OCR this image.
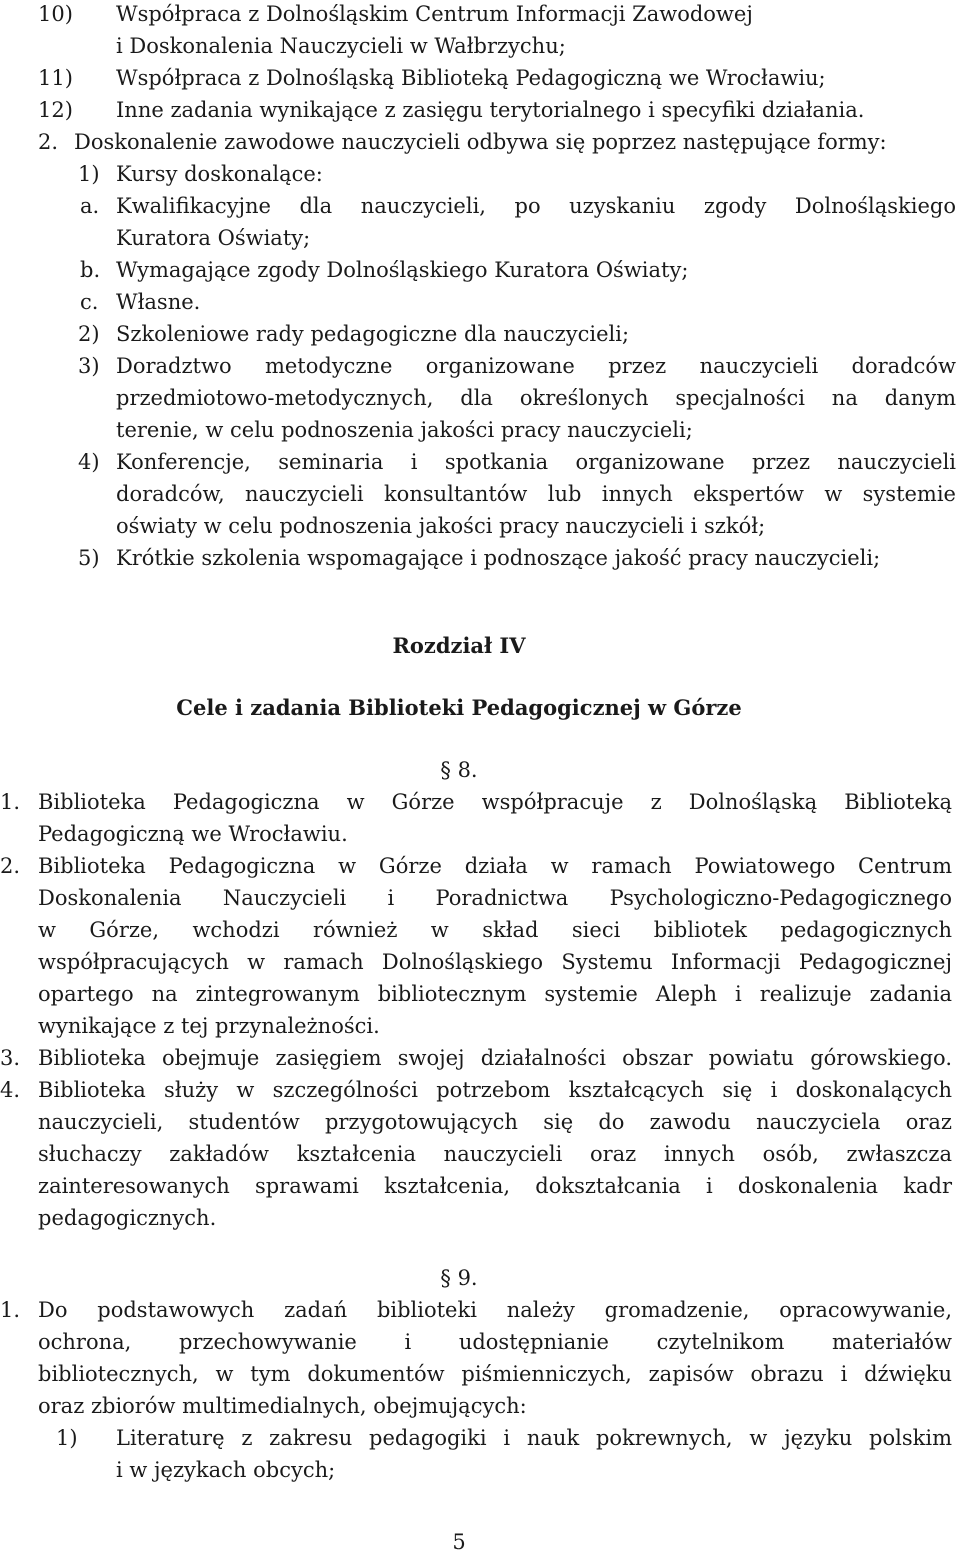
10) Współpraca z Dolnośląskim Centrum Informacji Zawodowej

i Doskonalenia Nauczycieli w Wałbrzychu;

11) Współpraca z Dolnośląską Biblioteką Pedagogiczną we Wrocławiu;

12) Inne zadania wynikające z zasięgu terytorialnego i specyfiki działania.

2. Doskonalenie zawodowe nauczycieli odbywa się poprzez następujące formy:

1) Kursy doskonalące:

a. Kwalifikacyjne dla nauczycieli, po uzyskaniu zgody Dolnośląskiego

Kuratora Oświaty;

b. Wymagające zgody Dolnośląskiego Kuratora Oświaty;

c. Własne.

2) Szkoleniowe rady pedagogiczne dla nauczycieli;

3) Doradztwo metodyczne organizowane przez nauczycieli doradców

przedmiotowo-metodycznych, dla określonych specjalności na danym

terenie, w celu podnoszenia jakości pracy nauczycieli;

4) Konferencje, seminaria i spotkania organizowane przez nauczycieli

doradców, nauczycieli konsultantów lub innych ekspertów w systemie

oświaty w celu podnoszenia jakości pracy nauczycieli i szkół;

5) Krótkie szkolenia wspomagające i podnoszące jakość pracy nauczycieli;

Rozdział IV

Cele i zadania Biblioteki Pedagogicznej w Górze

§ 8.

1. Biblioteka Pedagogiczna w Górze współpracuje z Dolnośląską Biblioteką

Pedagogiczną we Wrocławiu.

2. Biblioteka Pedagogiczna w Górze działa w ramach Powiatowego Centrum

Doskonalenia Nauczycieli i Poradnictwa Psychologiczno-Pedagogicznego

w Górze, wchodzi również w skład sieci bibliotek pedagogicznych

współpracujących w ramach Dolnośląskiego Systemu Informacji Pedagogicznej

opartego na zintegrowanym bibliotecznym systemie Aleph i realizuje zadania

wynikające z tej przynależności.

3. Biblioteka obejmuje zasięgiem swojej działalności obszar powiatu górowskiego.

4. Biblioteka służy w szczególności potrzebom kształcących się i doskonalących

nauczycieli, studentów przygotowujących się do zawodu nauczyciela oraz

słuchaczy zakładów kształcenia nauczycieli oraz innych osób, zwłaszcza

zainteresowanych sprawami kształcenia, dokształcania i doskonalenia kadr

pedagogicznych.

§ 9.

1. Do podstawowych zadań biblioteki należy gromadzenie, opracowywanie,

ochrona, przechowywanie i udostępnianie czytelnikom materiałów

bibliotecznych, w tym dokumentów piśmienniczych, zapisów obrazu i dźwięku

oraz zbiorów multimedialnych, obejmujących:

1) Literaturę z zakresu pedagogiki i nauk pokrewnych, w języku polskim

i w językach obcych;

5
